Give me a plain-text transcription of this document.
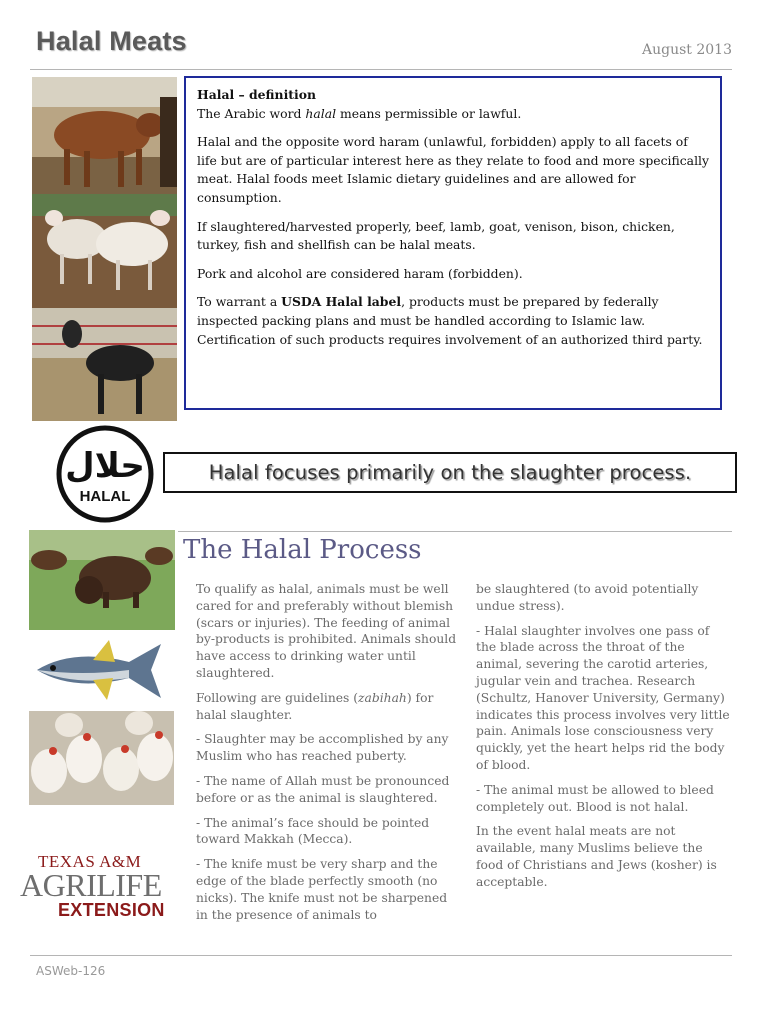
Halal Meats	August 2013

Halal – definition

The Arabic word halal means permissible or lawful.

Halal and the opposite word haram (unlawful, forbidden) apply to all facets of life but are of particular interest here as they relate to food and more specifically meat. Halal foods meet Islamic dietary guidelines and are allowed for consumption.

If slaughtered/harvested properly, beef, lamb, goat, venison, bison, chicken, turkey, fish and shellfish can be halal meats.

Pork and alcohol are considered haram (forbidden).

To warrant a USDA Halal label, products must be prepared by federally inspected packing plans and must be handled according to Islamic law. Certification of such products requires involvement of an authorized third party.

حلال
HALAL
Halal focuses primarily on the slaughter process.
The Halal Process

To qualify as halal, animals must be well cared for and preferably without blemish (scars or injuries). The feeding of animal by-products is prohibited. Animals should have access to drinking water until slaughtered.

Following are guidelines (zabihah) for halal slaughter.

- Slaughter may be accomplished by any Muslim who has reached puberty.

- The name of Allah must be pronounced before or as the animal is slaughtered.

- The animal’s face should be pointed toward Makkah (Mecca).

- The knife must be very sharp and the edge of the blade perfectly smooth (no nicks). The knife must not be sharpened in the presence of animals to

be slaughtered (to avoid potentially undue stress).

- Halal slaughter involves one pass of the blade across the throat of the animal, severing the carotid arteries, jugular vein and trachea. Research (Schultz, Hanover University, Germany) indicates this process involves very little pain. Animals lose consciousness very quickly, yet the heart helps rid the body of blood.

- The animal must be allowed to bleed completely out. Blood is not halal.

In the event halal meats are not available, many Muslims believe the food of Christians and Jews (kosher) is acceptable.

TEXAS A&M
AGRILIFE
EXTENSION
ASWeb-126
